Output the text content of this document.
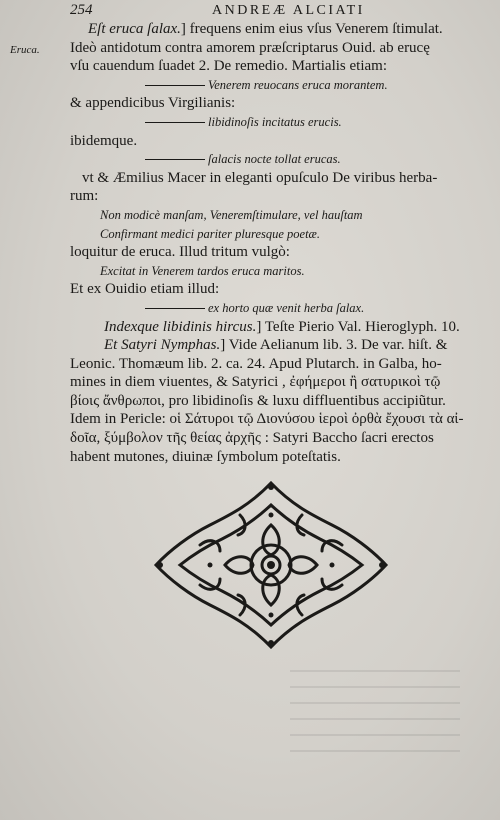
254	ANDREÆ ALCIATI
Eruca.
Eſt eruca ſalax.] frequens enim eius vſus Venerem ſtimulat.
Ideò antidotum contra amorem præſcriptarus Ouid. ab erucę
vſu cauendum ſuadet 2. De remedio. Martialis etiam:
Venerem reuocans eruca morantem.
& appendicibus Virgilianis:
libidinoſis incitatus erucis.
ibidemque.
ſalacis nocte tollat erucas.
vt & Æmilius Macer in eleganti opuſculo De viribus herba-
rum:
Non modicè manſam, Veneremſtimulare, vel hauſtam
Confirmant medici pariter pluresque poetæ.
loquitur de eruca. Illud tritum vulgò:
Excitat in Venerem tardos eruca maritos.
Et ex Ouidio etiam illud:
ex horto quæ venit herba ſalax.
Indexque libidinis hircus.] Teſte Pierio Val. Hieroglyph. 10.
Et Satyri Nymphas.] Vide Aelianum lib. 3. De var. hiſt. &
Leonic. Thomæum lib. 2. ca. 24. Apud Plutarch. in Galba, ho-
mines in diem viuentes, & Satyrici , ἐφήμεροι ἢ σατυρικοὶ τῷ
βίοις ἄνθρωποι, pro libidinoſis & luxu diffluentibus accipiũtur.
Idem in Pericle: οἱ Σάτυροι τῷ Διονύσου ἱεροὶ ὀρθὰ ἔχουσι τὰ αἰ-
δοῖα, ξύμβολον τῆς θείας ἀρχῆς : Satyri Baccho ſacri erectos
habent mutones, diuinæ ſymbolum poteſtatis.
